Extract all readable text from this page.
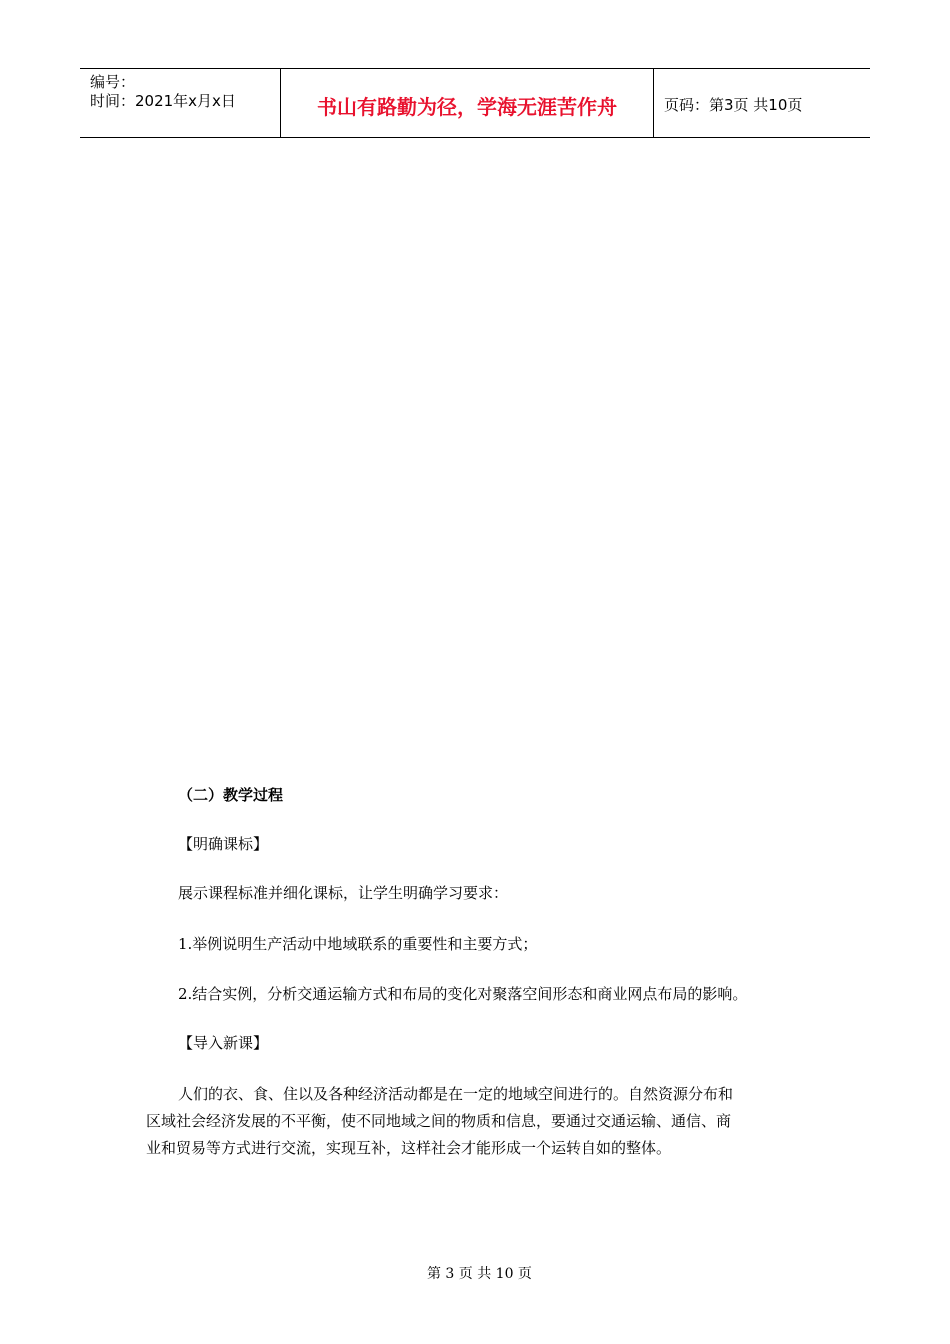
编号：
时间：2021年x月x日	书山有路勤为径，学海无涯苦作舟	页码：第3页 共10页
（二）教学过程
【明确课标】
展示课程标准并细化课标，让学生明确学习要求：
1.举例说明生产活动中地域联系的重要性和主要方式；
2.结合实例，分析交通运输方式和布局的变化对聚落空间形态和商业网点布局的影响。
【导入新课】
人们的衣、食、住以及各种经济活动都是在一定的地域空间进行的。自然资源分布和
区域社会经济发展的不平衡，使不同地域之间的物质和信息，要通过交通运输、通信、商
业和贸易等方式进行交流，实现互补，这样社会才能形成一个运转自如的整体。

第 3 页 共 10 页
